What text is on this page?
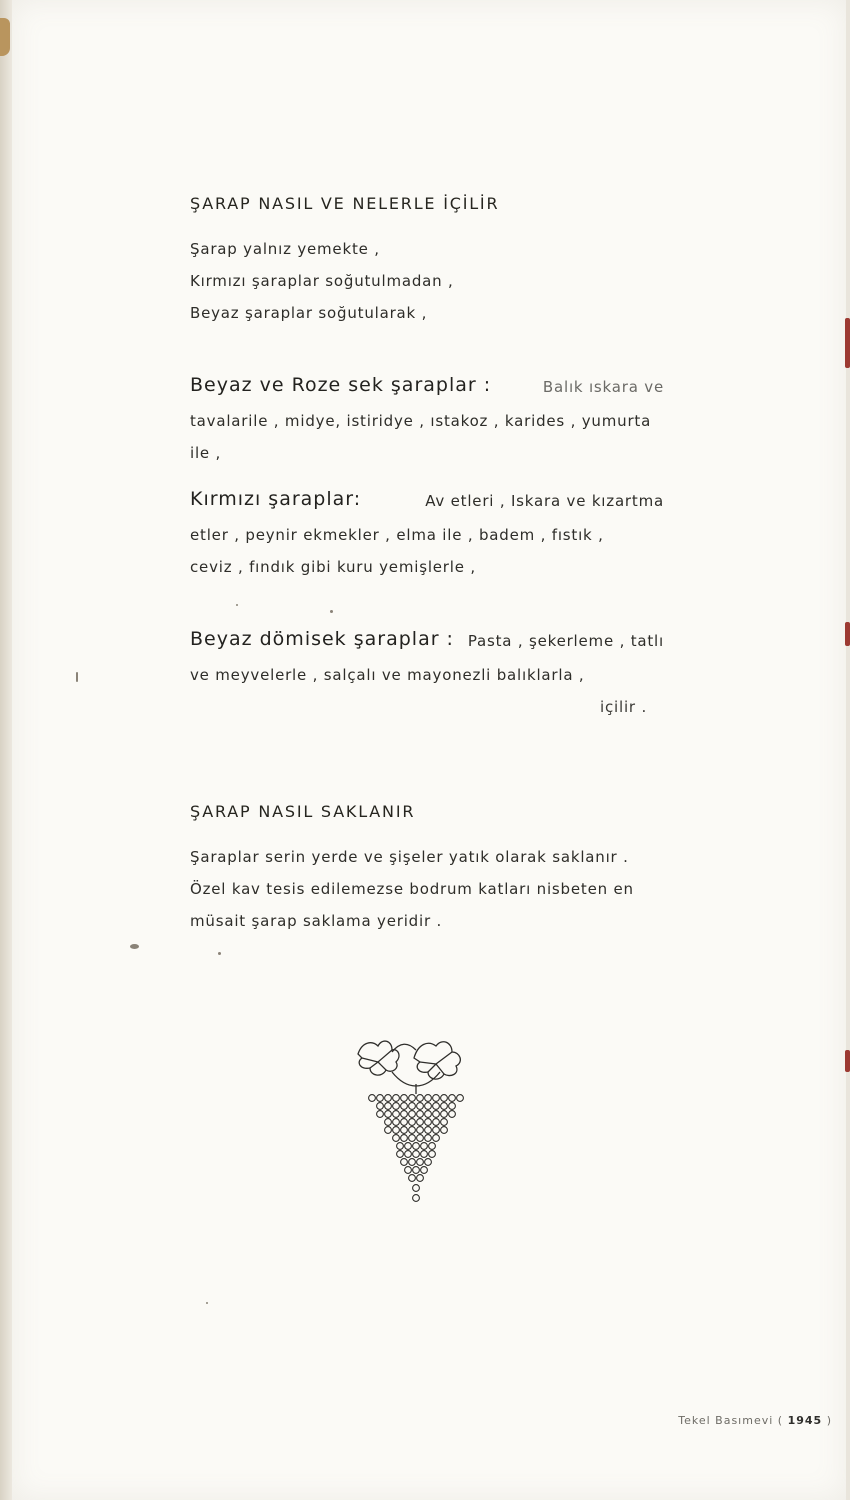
ŞARAP NASIL VE NELERLE İÇİLİR
Şarap yalnız yemekte ,
Kırmızı şaraplar soğutulmadan ,
Beyaz şaraplar soğutularak ,
Beyaz ve Roze sek şaraplar :	Balık ıskara ve
tavalarile , midye, istiridye , ıstakoz , karides , yumurta
ile ,
Kırmızı şaraplar:	Av etleri , Iskara ve kızartma
etler , peynir ekmekler , elma ile , badem , fıstık ,
ceviz , fındık gibi kuru yemişlerle ,
Beyaz dömisek şaraplar : Pasta , şekerleme , tatlı
ve meyvelerle , salçalı ve mayonezli balıklarla ,
içilir .
ŞARAP NASIL SAKLANIR
Şaraplar serin yerde ve şişeler yatık olarak saklanır .
Özel kav tesis edilemezse bodrum katları nisbeten en
müsait şarap saklama yeridir .
Tekel Basımevi ( 1945 )
